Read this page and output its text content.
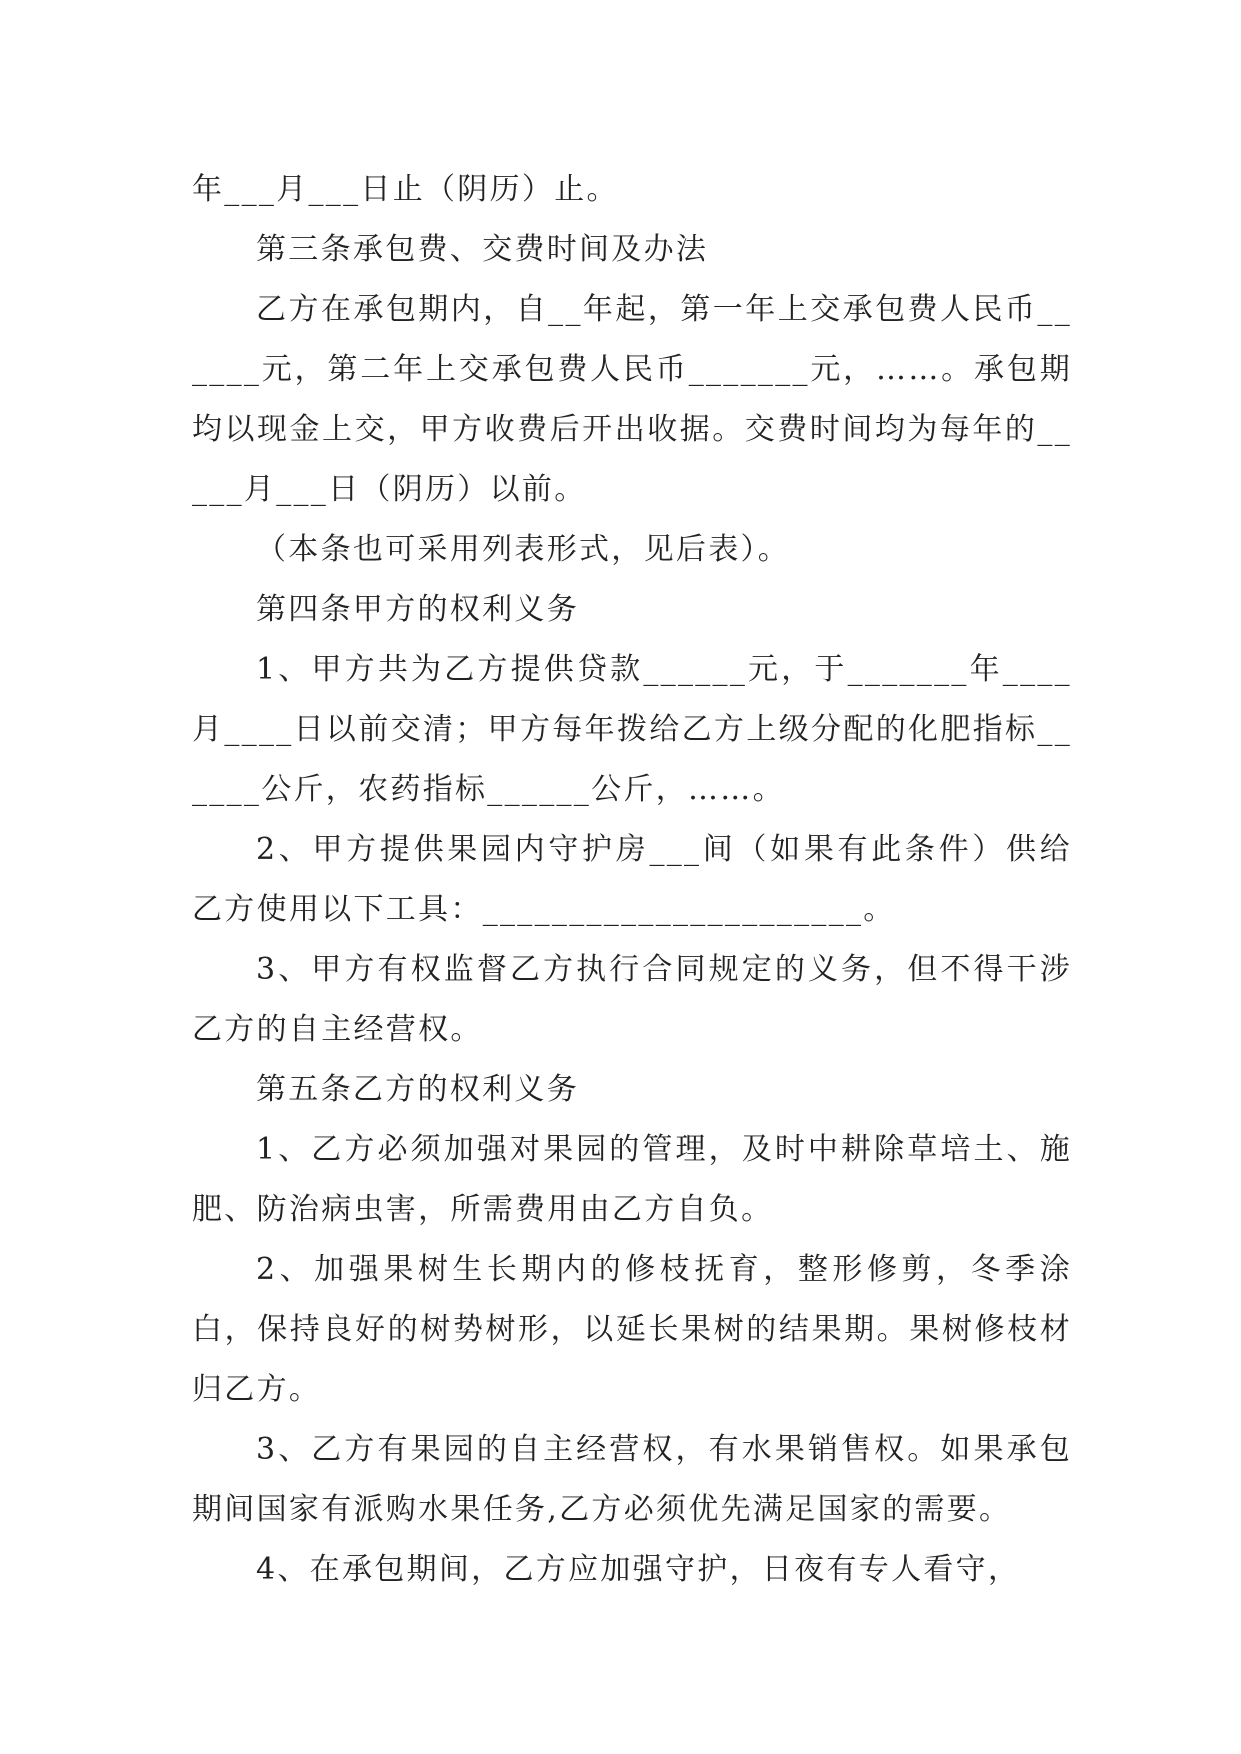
年___月___日止（阴历）止。

第三条承包费、交费时间及办法

乙方在承包期内，自__年起，第一年上交承包费人民币______元，第二年上交承包费人民币_______元，……。承包期均以现金上交，甲方收费后开出收据。交费时间均为每年的_____月___日（阴历）以前。

（本条也可采用列表形式，见后表）。

第四条甲方的权利义务

1、甲方共为乙方提供贷款______元，于_______年____月____日以前交清；甲方每年拨给乙方上级分配的化肥指标______公斤，农药指标______公斤，……。

2、甲方提供果园内守护房___间（如果有此条件）供给乙方使用以下工具：______________________。

3、甲方有权监督乙方执行合同规定的义务，但不得干涉乙方的自主经营权。

第五条乙方的权利义务

1、乙方必须加强对果园的管理，及时中耕除草培土、施肥、防治病虫害，所需费用由乙方自负。

2、加强果树生长期内的修枝抚育，整形修剪，冬季涂白，保持良好的树势树形，以延长果树的结果期。果树修枝材归乙方。

3、乙方有果园的自主经营权，有水果销售权。如果承包期间国家有派购水果任务,乙方必须优先满足国家的需要。

4、在承包期间，乙方应加强守护，日夜有专人看守，
